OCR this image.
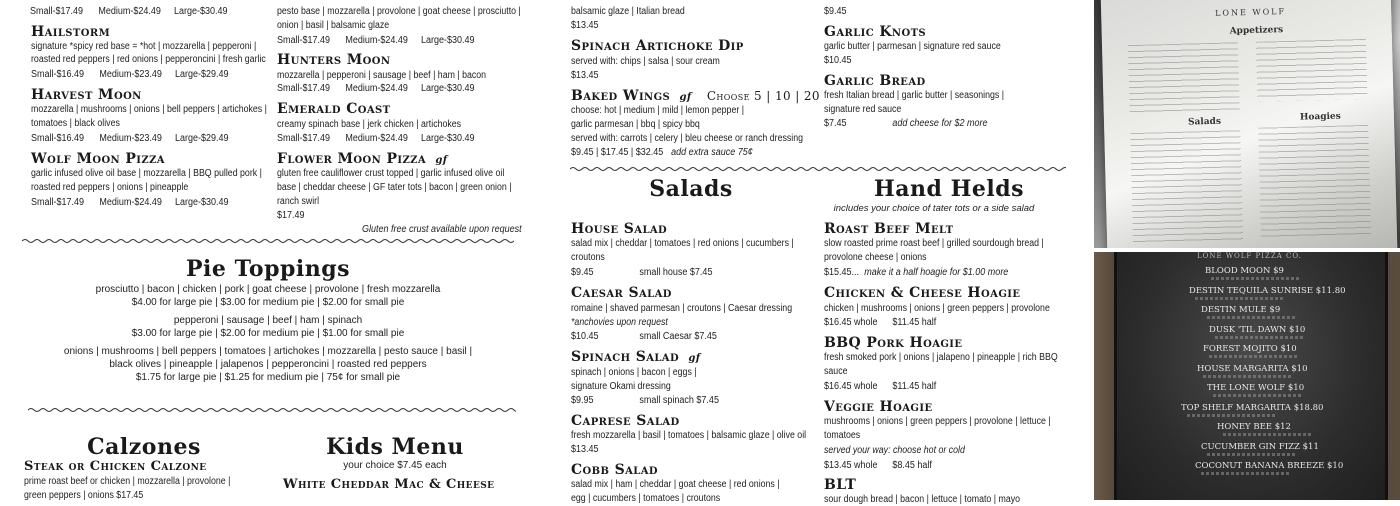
Small-$17.49 Medium-$24.49 Large-$30.49
Hailstorm
signature *spicy red base = *hot | mozzarella | pepperoni |
roasted red peppers | red onions | pepperoncini | fresh garlic
Small-$16.49 Medium-$23.49 Large-$29.49
Harvest Moon
mozzarella | mushrooms | onions | bell peppers | artichokes |
tomatoes | black olives
Small-$16.49 Medium-$23.49 Large-$29.49
Wolf Moon Pizza
garlic infused olive oil base | mozzarella | BBQ pulled pork |
roasted red peppers | onions | pineapple
Small-$17.49 Medium-$24.49 Large-$30.49
pesto base | mozzarella | provolone | goat cheese | prosciutto |
onion | basil | balsamic glaze
Small-$17.49 Medium-$24.49 Large-$30.49
Hunters Moon
mozzarella | pepperoni | sausage | beef | ham | bacon
Small-$17.49 Medium-$24.49 Large-$30.49
Emerald Coast
creamy spinach base | jerk chicken | artichokes
Small-$17.49 Medium-$24.49 Large-$30.49
Flower Moon Pizza gf
gluten free cauliflower crust topped | garlic infused olive oil
base | cheddar cheese | GF tater tots | bacon | green onion |
ranch swirl
$17.49
Gluten free crust available upon request
Pie Toppings
prosciutto | bacon | chicken | pork | goat cheese | provolone | fresh mozzarella
$4.00 for large pie | $3.00 for medium pie | $2.00 for small pie
pepperoni | sausage | beef | ham | spinach
$3.00 for large pie | $2.00 for medium pie | $1.00 for small pie
onions | mushrooms | bell peppers | tomatoes | artichokes | mozzarella | pesto sauce | basil |
black olives | pineapple | jalapenos | pepperoncini | roasted red peppers
$1.75 for large pie | $1.25 for medium pie | 75¢ for small pie
Calzones
Steak or Chicken Calzone
prime roast beef or chicken | mozzarella | provolone |
green peppers | onions $17.45
Kids Menu
your choice $7.45 each
White Cheddar Mac & Cheese
balsamic glaze | Italian bread
$13.45
Spinach Artichoke Dip
served with: chips | salsa | sour cream
$13.45
Baked Wings gf Choose 5 | 10 | 20
choose: hot | medium | mild | lemon pepper |
garlic parmesan | bbq | spicy bbq
served with: carrots | celery | bleu cheese or ranch dressing
$9.45 | $17.45 | $32.45 add extra sauce 75¢
$9.45
Garlic Knots
garlic butter | parmesan | signature red sauce
$10.45
Garlic Bread
fresh Italian bread | garlic butter | seasonings |
signature red sauce
$7.45	add cheese for $2 more
Salads
House Salad
salad mix | cheddar | tomatoes | red onions | cucumbers |
croutons
$9.45	small house $7.45
Caesar Salad
romaine | shaved parmesan | croutons | Caesar dressing
*anchovies upon request
$10.45	small Caesar $7.45
Spinach Salad gf
spinach | onions | bacon | eggs |
signature Okami dressing
$9.95	small spinach $7.45
Caprese Salad
fresh mozzarella | basil | tomatoes | balsamic glaze | olive oil
$13.45
Cobb Salad
salad mix | ham | cheddar | goat cheese | red onions |
egg | cucumbers | tomatoes | croutons
Hand Helds
includes your choice of tater tots or a side salad
Roast Beef Melt
slow roasted prime roast beef | grilled sourdough bread |
provolone cheese | onions
$15.45... make it a half hoagie for $1.00 more
Chicken & Cheese Hoagie
chicken | mushrooms | onions | green peppers | provolone
$16.45 whole $11.45 half
BBQ Pork Hoagie
fresh smoked pork | onions | jalapeno | pineapple | rich BBQ
sauce
$16.45 whole $11.45 half
Veggie Hoagie
mushrooms | onions | green peppers | provolone | lettuce |
tomatoes
served your way: choose hot or cold
$13.45 whole $8.45 half
BLT
sour dough bread | bacon | lettuce | tomato | mayo
LONE WOLF
Appetizers
Salads	Hoagies
LONE WOLF PIZZA CO.
BLOOD MOON $9
DESTIN TEQUILA SUNRISE $11.80
DESTIN MULE $9
DUSK 'TIL DAWN $10
FOREST MOJITO $10
HOUSE MARGARITA $10
THE LONE WOLF $10
TOP SHELF MARGARITA $18.80
HONEY BEE $12
CUCUMBER GIN FIZZ $11
COCONUT BANANA BREEZE $10
